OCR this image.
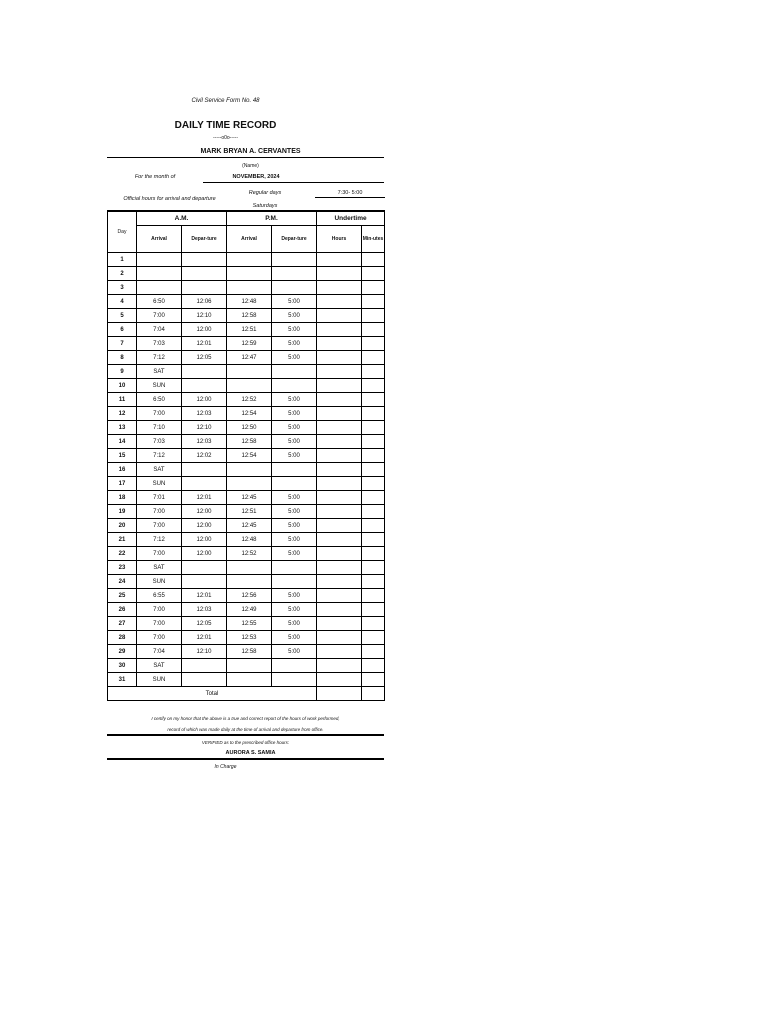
Civil Service Form No. 48
DAILY TIME RECORD
-----o0o-----
MARK BRYAN A. CERVANTES
(Name)
For the month of	NOVEMBER, 2024
Regular days	7:30- 5:00
Official hours for arrival and departure
Saturdays
Day	A.M.		P.M.		Undertime	
	Arrival	Depar-ture	Arrival	Depar-ture	Hours	Min-utes
1						
2						
3						
4	6:50	12:06	12:48	5:00		
5	7:00	12:10	12:58	5:00		
6	7:04	12:00	12:51	5:00		
7	7:03	12:01	12:59	5:00		
8	7:12	12:05	12:47	5:00		
9	SAT					
10	SUN					
11	6:50	12:00	12:52	5:00		
12	7:00	12:03	12:54	5:00		
13	7:10	12:10	12:50	5:00		
14	7:03	12:03	12:58	5:00		
15	7:12	12:02	12:54	5:00		
16	SAT					
17	SUN					
18	7:01	12:01	12:45	5:00		
19	7:00	12:00	12:51	5:00		
20	7:00	12:00	12:45	5:00		
21	7:12	12:00	12:48	5:00		
22	7:00	12:00	12:52	5:00		
23	SAT					
24	SUN					
25	6:55	12:01	12:56	5:00		
26	7:00	12:03	12:49	5:00		
27	7:00	12:05	12:55	5:00		
28	7:00	12:01	12:53	5:00		
29	7:04	12:10	12:58	5:00		
30	SAT					
31	SUN					
Total						
I certify on my honor that the above is a true and correct report of the hours of work performed,
record of which was made daily at the time of arrival and departure from office.
VERIFIED as to the prescribed office hours:
AURORA S. SAMIA
In Charge
